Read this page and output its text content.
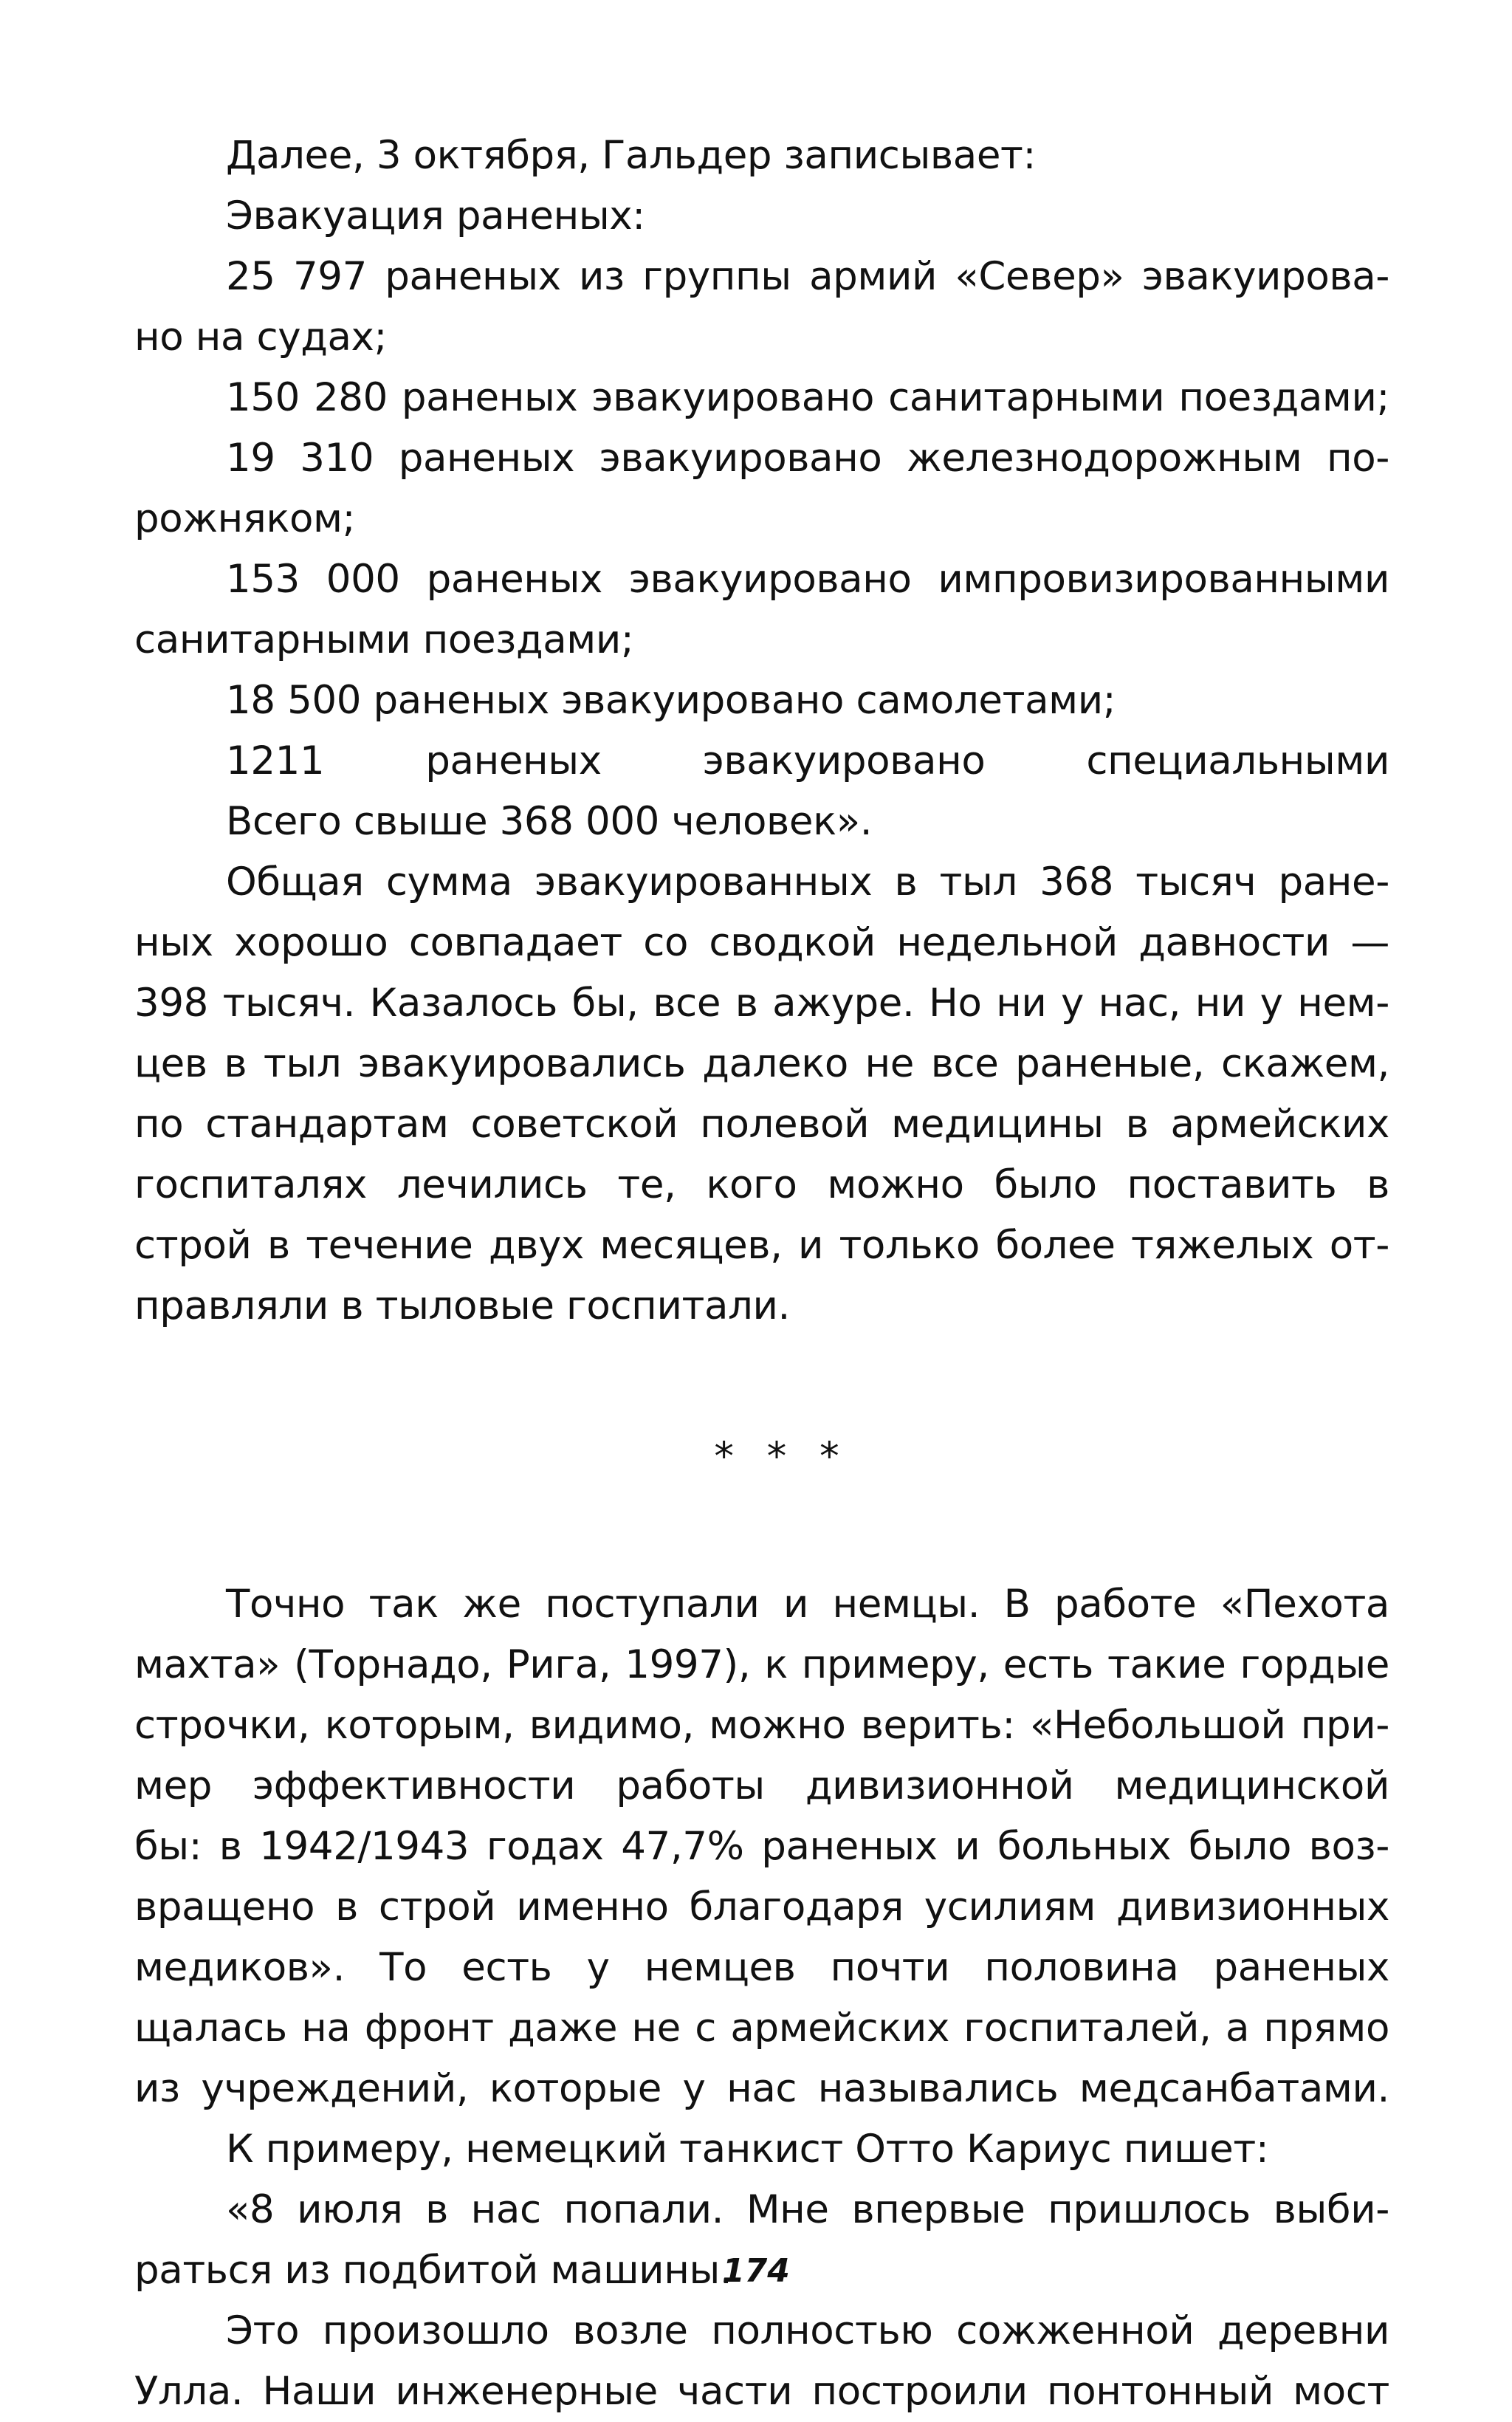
Далее, 3 октября, Гальдер записывает:
Эвакуация раненых:
25 797 раненых из группы армий «Север» эвакуирова-
но на судах;
150 280 раненых эвакуировано санитарными поездами;
19 310 раненых эвакуировано железнодорожным по-
рожняком;
153 000 раненых эвакуировано импровизированными
санитарными поездами;
18 500 раненых эвакуировано самолетами;
1211 раненых эвакуировано специальными
Всего свыше 368 000 человек».
Общая сумма эвакуированных в тыл 368 тысяч ране-
ных хорошо совпадает со сводкой недельной давности —
398 тысяч. Казалось бы, все в ажуре. Но ни у нас, ни у нем-
цев в тыл эвакуировались далеко не все раненые, скажем,
по стандартам советской полевой медицины в армейских
госпиталях лечились те, кого можно было поставить в
строй в течение двух месяцев, и только более тяжелых от-
правляли в тыловые госпитали.
* * *
Точно так же поступали и немцы. В работе «Пехота
махта» (Торнадо, Рига, 1997), к примеру, есть такие гордые
строчки, которым, видимо, можно верить: «Небольшой при-
мер эффективности работы дивизионной медицинской
бы: в 1942/1943 годах 47,7% раненых и больных было воз-
вращено в строй именно благодаря усилиям дивизионных
медиков». То есть у немцев почти половина раненых
щалась на фронт даже не с армейских госпиталей, а прямо
из учреждений, которые у нас назывались медсанбатами.
К примеру, немецкий танкист Отто Кариус пишет:
«8 июля в нас попали. Мне впервые пришлось выби-
раться из подбитой машины.
Это произошло возле полностью сожженной деревни
Улла. Наши инженерные части построили понтонный мост
174
